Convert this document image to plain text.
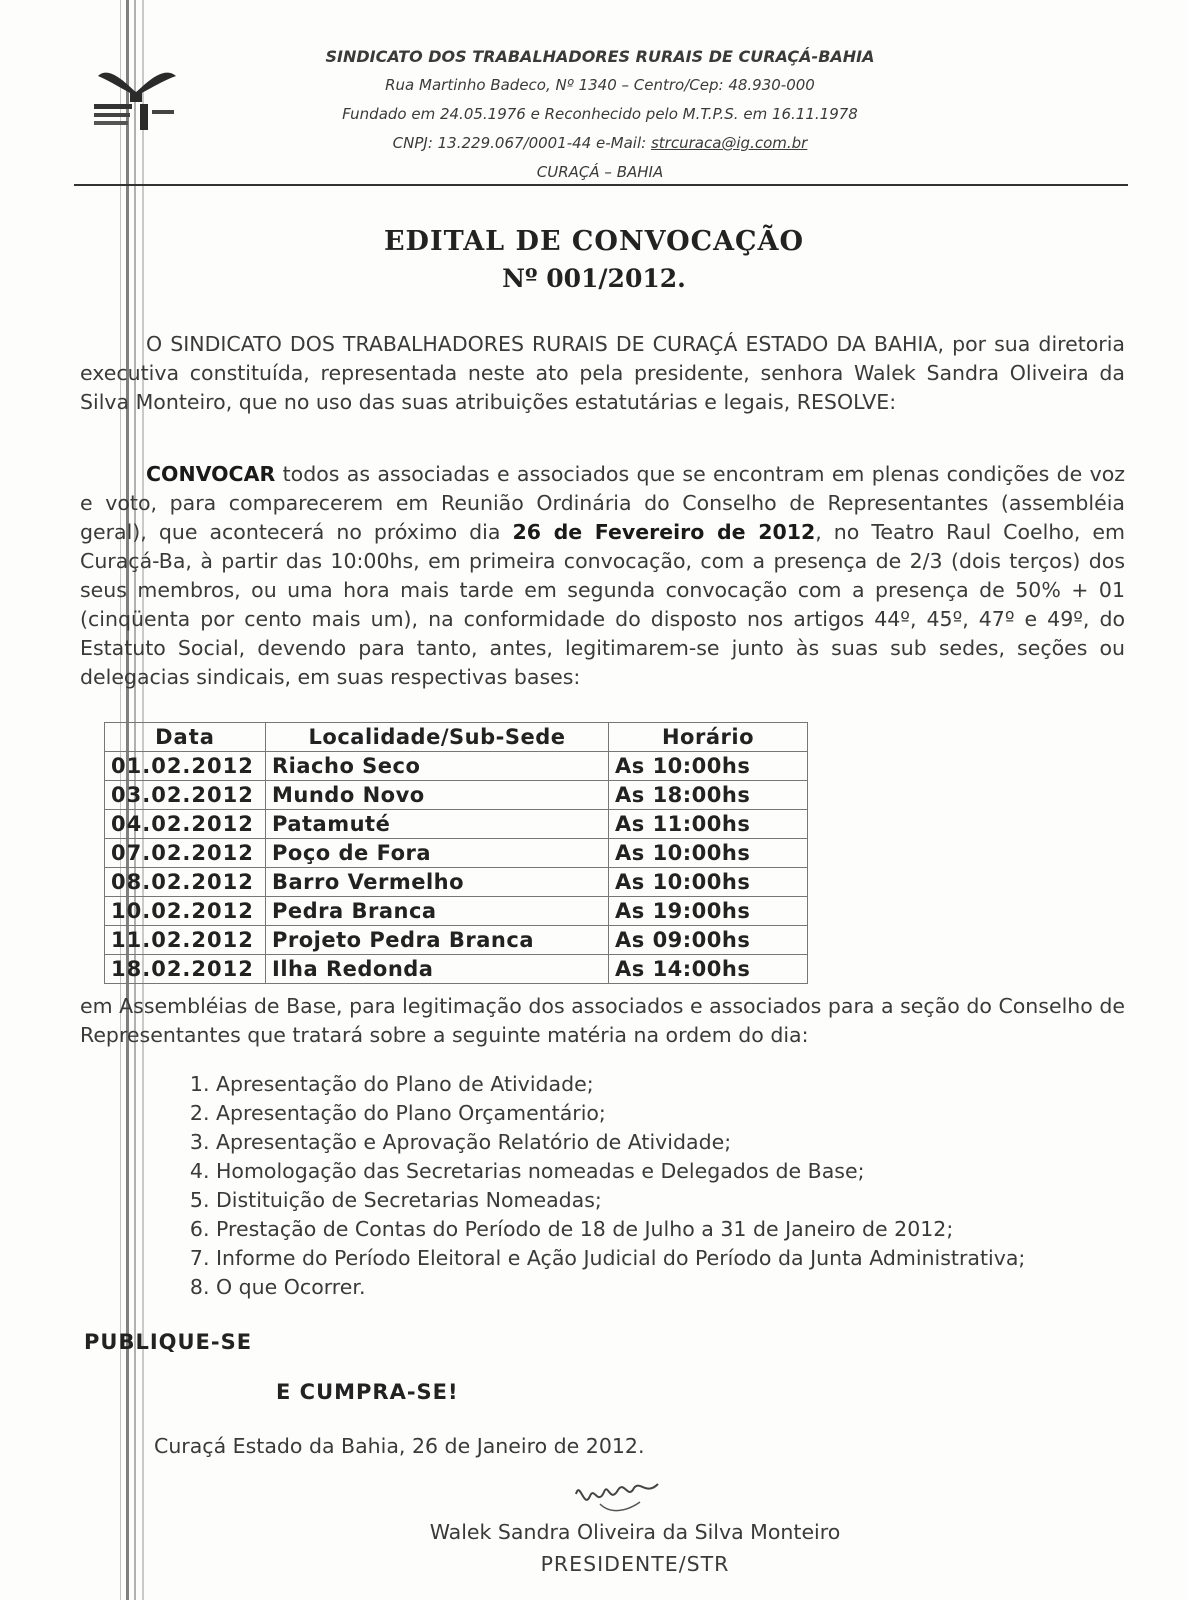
SINDICATO DOS TRABALHADORES RURAIS DE CURAÇÁ-BAHIA
Rua Martinho Badeco, Nº 1340 – Centro/Cep: 48.930-000
Fundado em 24.05.1976 e Reconhecido pelo M.T.P.S. em 16.11.1978
CNPJ: 13.229.067/0001-44 e-Mail: strcuraca@ig.com.br
CURAÇÁ – BAHIA
EDITAL DE CONVOCAÇÃO
Nº 001/2012.
O SINDICATO DOS TRABALHADORES RURAIS DE CURAÇÁ ESTADO DA BAHIA, por sua diretoria executiva constituída, representada neste ato pela presidente, senhora Walek Sandra Oliveira da Silva Monteiro, que no uso das suas atribuições estatutárias e legais, RESOLVE:
CONVOCAR todos as associadas e associados que se encontram em plenas condições de voz e voto, para comparecerem em Reunião Ordinária do Conselho de Representantes (assembléia geral), que acontecerá no próximo dia 26 de Fevereiro de 2012, no Teatro Raul Coelho, em Curaçá-Ba, à partir das 10:00hs, em primeira convocação, com a presença de 2/3 (dois terços) dos seus membros, ou uma hora mais tarde em segunda convocação com a presença de 50% + 01 (cinqüenta por cento mais um), na conformidade do disposto nos artigos 44º, 45º, 47º e 49º, do Estatuto Social, devendo para tanto, antes, legitimarem-se junto às suas sub sedes, seções ou delegacias sindicais, em suas respectivas bases:
Data	Localidade/Sub-Sede	Horário
01.02.2012	Riacho Seco	As 10:00hs
03.02.2012	Mundo Novo	As 18:00hs
04.02.2012	Patamuté	As 11:00hs
07.02.2012	Poço de Fora	As 10:00hs
08.02.2012	Barro Vermelho	As 10:00hs
10.02.2012	Pedra Branca	As 19:00hs
11.02.2012	Projeto Pedra Branca	As 09:00hs
18.02.2012	Ilha Redonda	As 14:00hs
em Assembléias de Base, para legitimação dos associados e associados para a seção do Conselho de Representantes que tratará sobre a seguinte matéria na ordem do dia:
1. Apresentação do Plano de Atividade;
2. Apresentação do Plano Orçamentário;
3. Apresentação e Aprovação Relatório de Atividade;
4. Homologação das Secretarias nomeadas e Delegados de Base;
5. Distituição de Secretarias Nomeadas;
6. Prestação de Contas do Período de 18 de Julho a 31 de Janeiro de 2012;
7. Informe do Período Eleitoral e Ação Judicial do Período da Junta Administrativa;
8. O que Ocorrer.
PUBLIQUE-SE
E CUMPRA-SE!
Curaçá Estado da Bahia, 26 de Janeiro de 2012.
Walek Sandra Oliveira da Silva Monteiro
PRESIDENTE/STR
